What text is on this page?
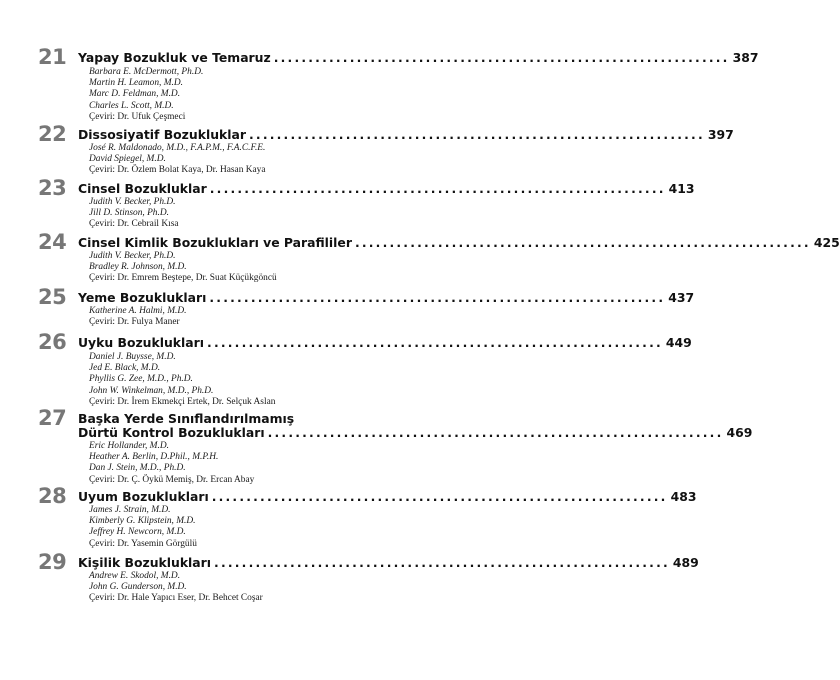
21 Yapay Bozukluk ve Temaruz .................................................................. 387
Barbara E. McDermott, Ph.D.
Martin H. Leamon, M.D.
Marc D. Feldman, M.D.
Charles L. Scott, M.D.
Çeviri: Dr. Ufuk Çeşmeci
22 Dissosiyatif Bozukluklar .................................................................. 397
José R. Maldonado, M.D., F.A.P.M., F.A.C.F.E.
David Spiegel, M.D.
Çeviri: Dr. Özlem Bolat Kaya, Dr. Hasan Kaya
23 Cinsel Bozukluklar .................................................................. 413
Judith V. Becker, Ph.D.
Jill D. Stinson, Ph.D.
Çeviri: Dr. Cebrail Kısa
24 Cinsel Kimlik Bozuklukları ve Parafililer .................................................................. 425
Judith V. Becker, Ph.D.
Bradley R. Johnson, M.D.
Çeviri: Dr. Emrem Beştepe, Dr. Suat Küçükgöncü
25 Yeme Bozuklukları .................................................................. 437
Katherine A. Halmi, M.D.
Çeviri: Dr. Fulya Maner
26 Uyku Bozuklukları .................................................................. 449
Daniel J. Buysse, M.D.
Jed E. Black, M.D.
Phyllis G. Zee, M.D., Ph.D.
John W. Winkelman, M.D., Ph.D.
Çeviri: Dr. İrem Ekmekçi Ertek, Dr. Selçuk Aslan
27 Başka Yerde Sınıflandırılmamış
Dürtü Kontrol Bozuklukları .................................................................. 469
Eric Hollander, M.D.
Heather A. Berlin, D.Phil., M.P.H.
Dan J. Stein, M.D., Ph.D.
Çeviri: Dr. Ç. Öykü Memiş, Dr. Ercan Abay
28 Uyum Bozuklukları .................................................................. 483
James J. Strain, M.D.
Kimberly G. Klipstein, M.D.
Jeffrey H. Newcorn, M.D.
Çeviri: Dr. Yasemin Görgülü
29 Kişilik Bozuklukları .................................................................. 489
Andrew E. Skodol, M.D.
John G. Gunderson, M.D.
Çeviri: Dr. Hale Yapıcı Eser, Dr. Behcet Coşar
